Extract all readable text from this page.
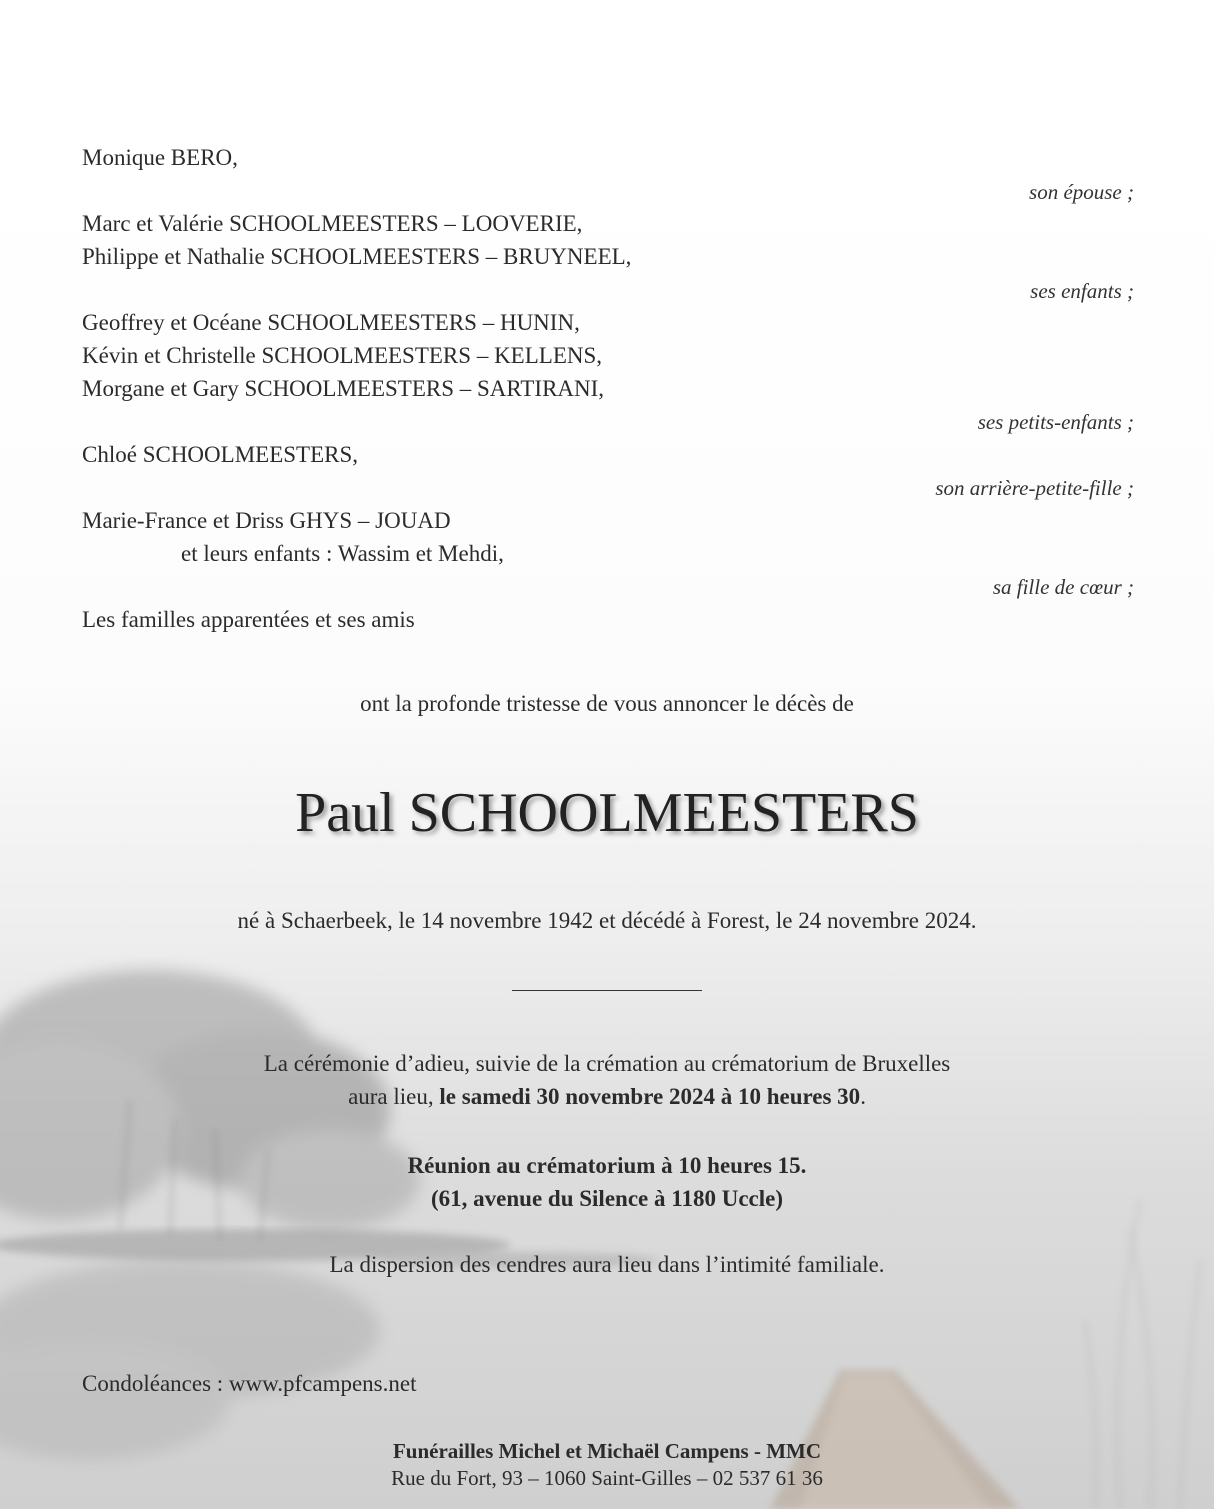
Monique BERO,
son épouse ;
Marc et Valérie SCHOOLMEESTERS – LOOVERIE,
Philippe et Nathalie SCHOOLMEESTERS – BRUYNEEL,
ses enfants ;
Geoffrey et Océane SCHOOLMEESTERS – HUNIN,
Kévin et Christelle SCHOOLMEESTERS – KELLENS,
Morgane et Gary SCHOOLMEESTERS – SARTIRANI,
ses petits-enfants ;
Chloé SCHOOLMEESTERS,
son arrière-petite-fille ;
Marie-France et Driss GHYS – JOUAD
et leurs enfants : Wassim et Mehdi,
sa fille de cœur ;
Les familles apparentées et ses amis
ont la profonde tristesse de vous annoncer le décès de
Paul SCHOOLMEESTERS
né à Schaerbeek, le 14 novembre 1942 et décédé à Forest, le 24 novembre 2024.
La cérémonie d’adieu, suivie de la crémation au crématorium de Bruxelles
aura lieu, le samedi 30 novembre 2024 à 10 heures 30.
Réunion au crématorium à 10 heures 15.
(61, avenue du Silence à 1180 Uccle)
La dispersion des cendres aura lieu dans l’intimité familiale.
Condoléances : www.pfcampens.net
Funérailles Michel et Michaël Campens - MMC
Rue du Fort, 93 – 1060 Saint-Gilles – 02 537 61 36
